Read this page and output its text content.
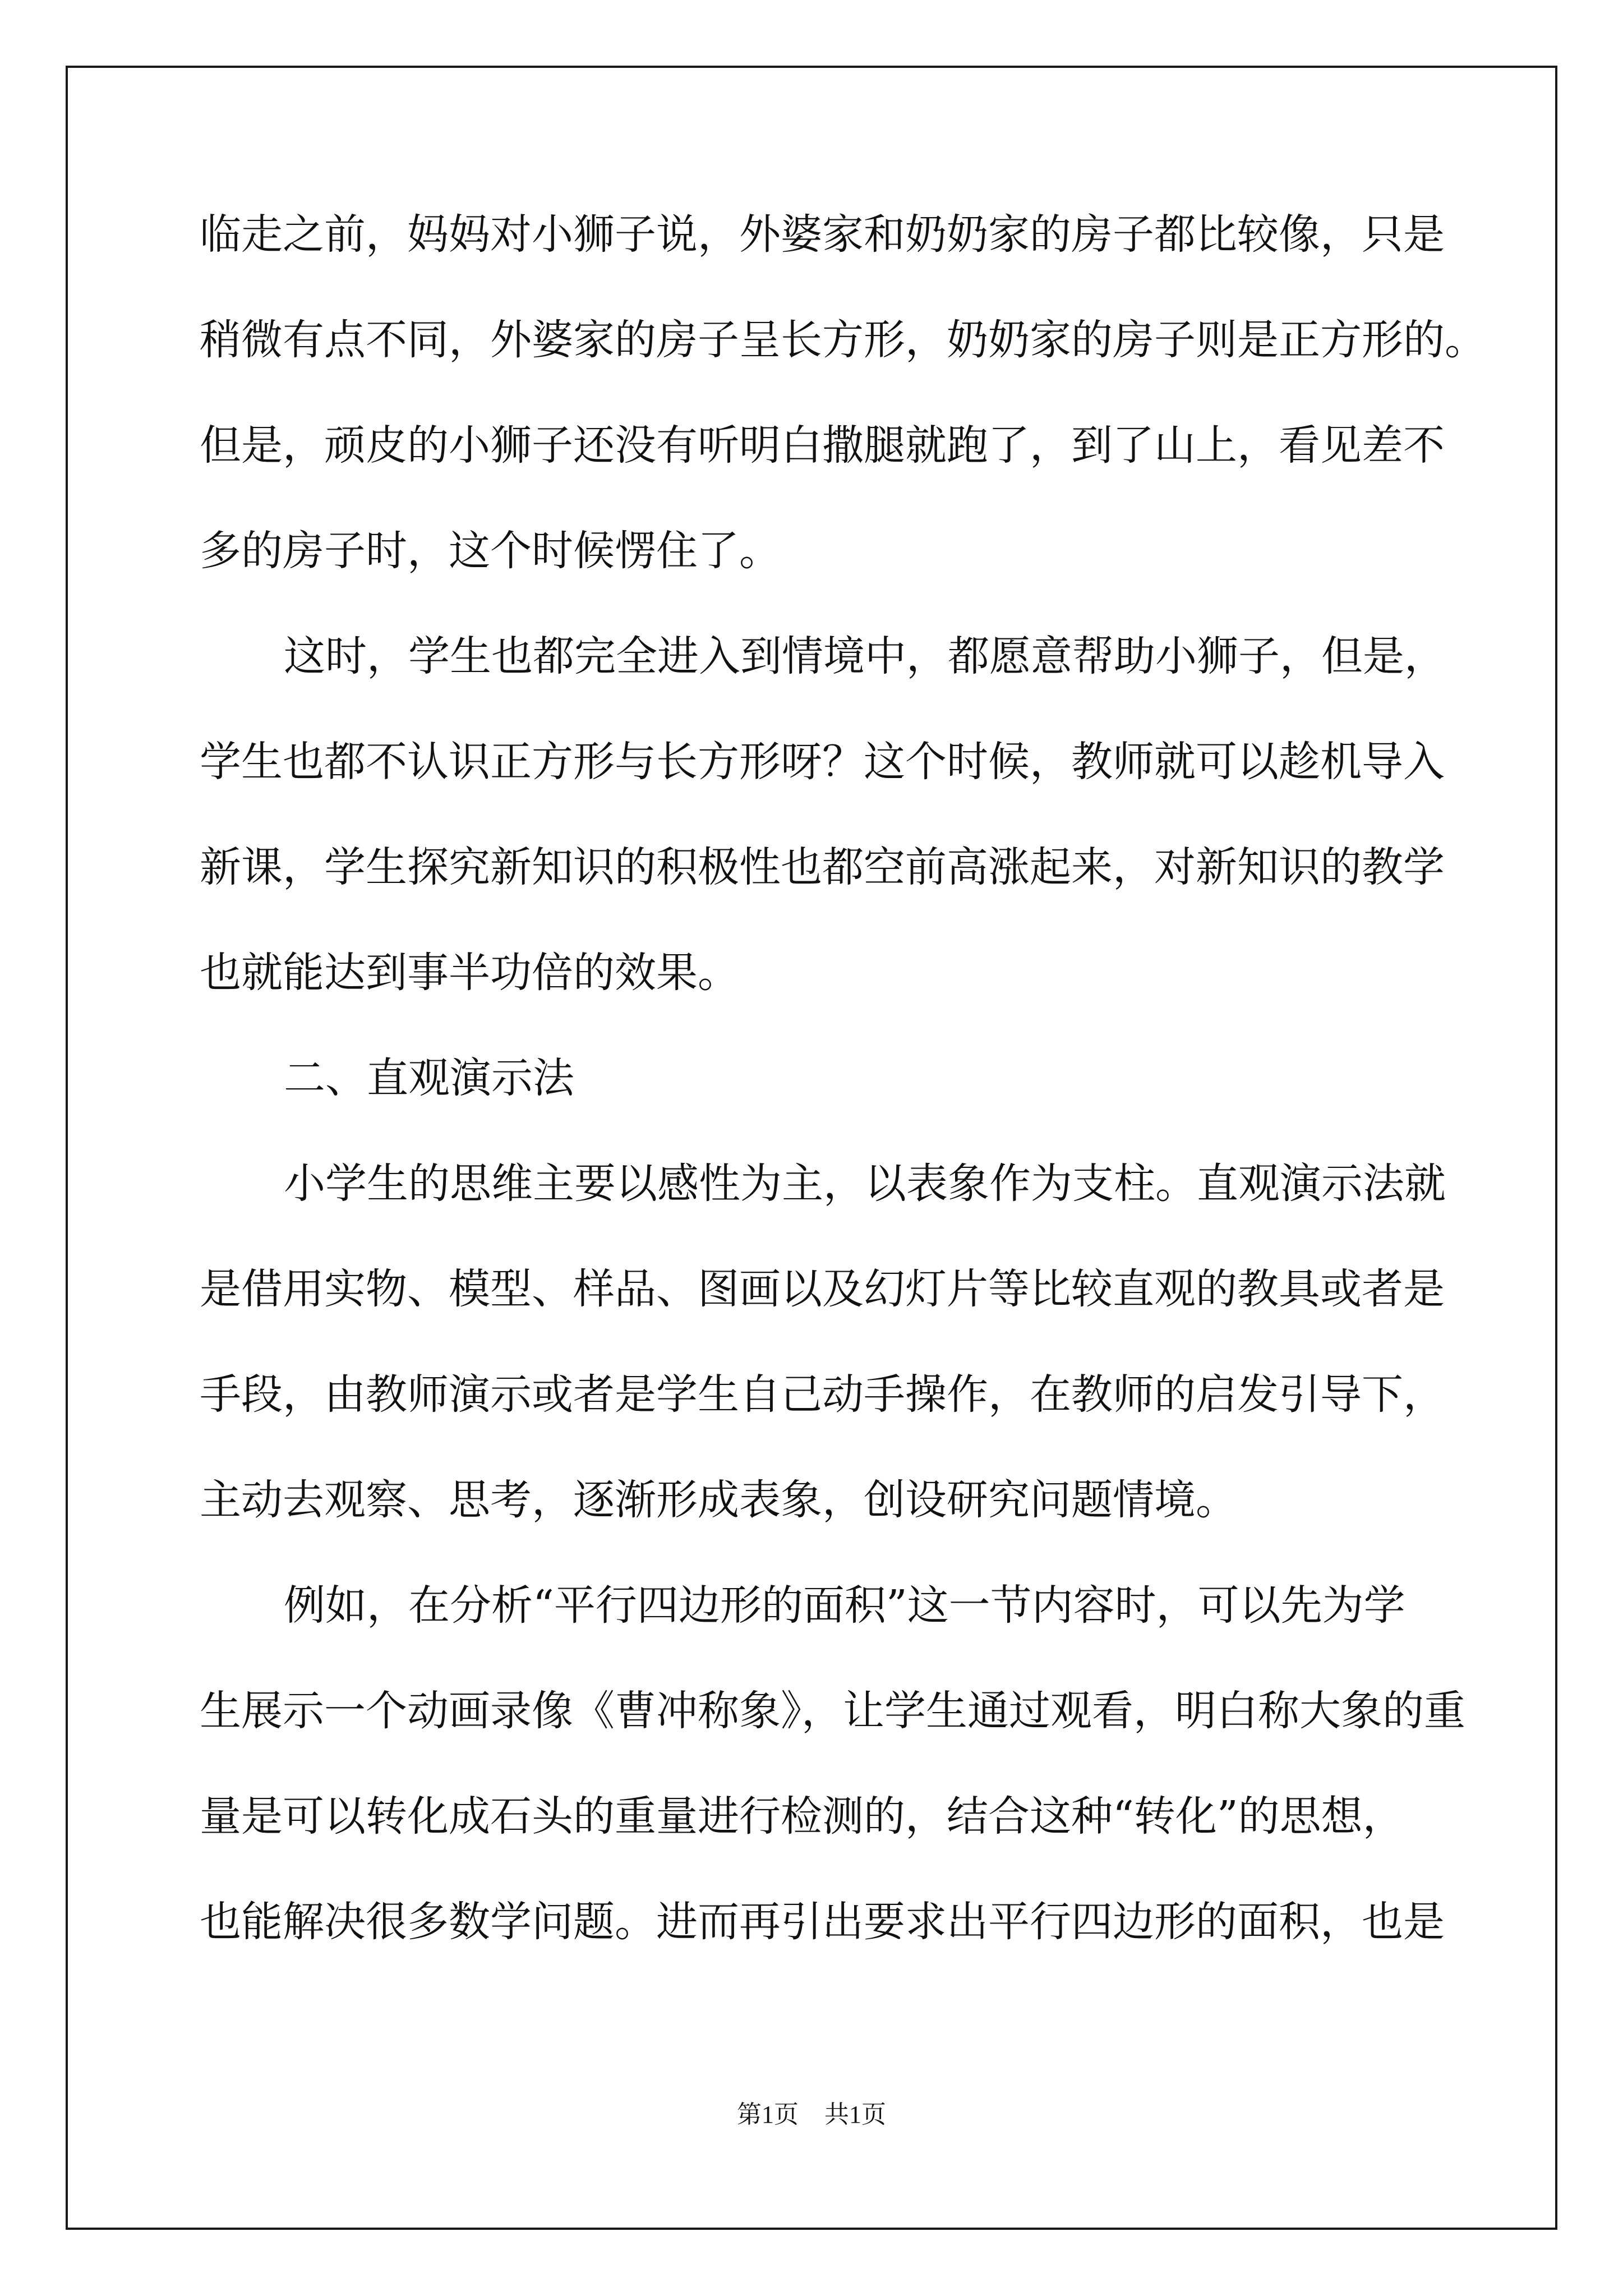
临走之前，妈妈对小狮子说，外婆家和奶奶家的房子都比较像，只是
稍微有点不同，外婆家的房子呈长方形，奶奶家的房子则是正方形的。
但是，顽皮的小狮子还没有听明白撒腿就跑了，到了山上，看见差不
多的房子时，这个时候愣住了。
这时，学生也都完全进入到情境中，都愿意帮助小狮子，但是，
学生也都不认识正方形与长方形呀？这个时候，教师就可以趁机导入
新课，学生探究新知识的积极性也都空前高涨起来，对新知识的教学
也就能达到事半功倍的效果。
二、直观演示法
小学生的思维主要以感性为主，以表象作为支柱。直观演示法就
是借用实物、模型、样品、图画以及幻灯片等比较直观的教具或者是
手段，由教师演示或者是学生自己动手操作，在教师的启发引导下，
主动去观察、思考，逐渐形成表象，创设研究问题情境。
例如，在分析“平行四边形的面积”这一节内容时，可以先为学
生展示一个动画录像《曹冲称象》，让学生通过观看，明白称大象的重
量是可以转化成石头的重量进行检测的，结合这种“转化”的思想，
也能解决很多数学问题。进而再引出要求出平行四边形的面积，也是
第1页 共1页
